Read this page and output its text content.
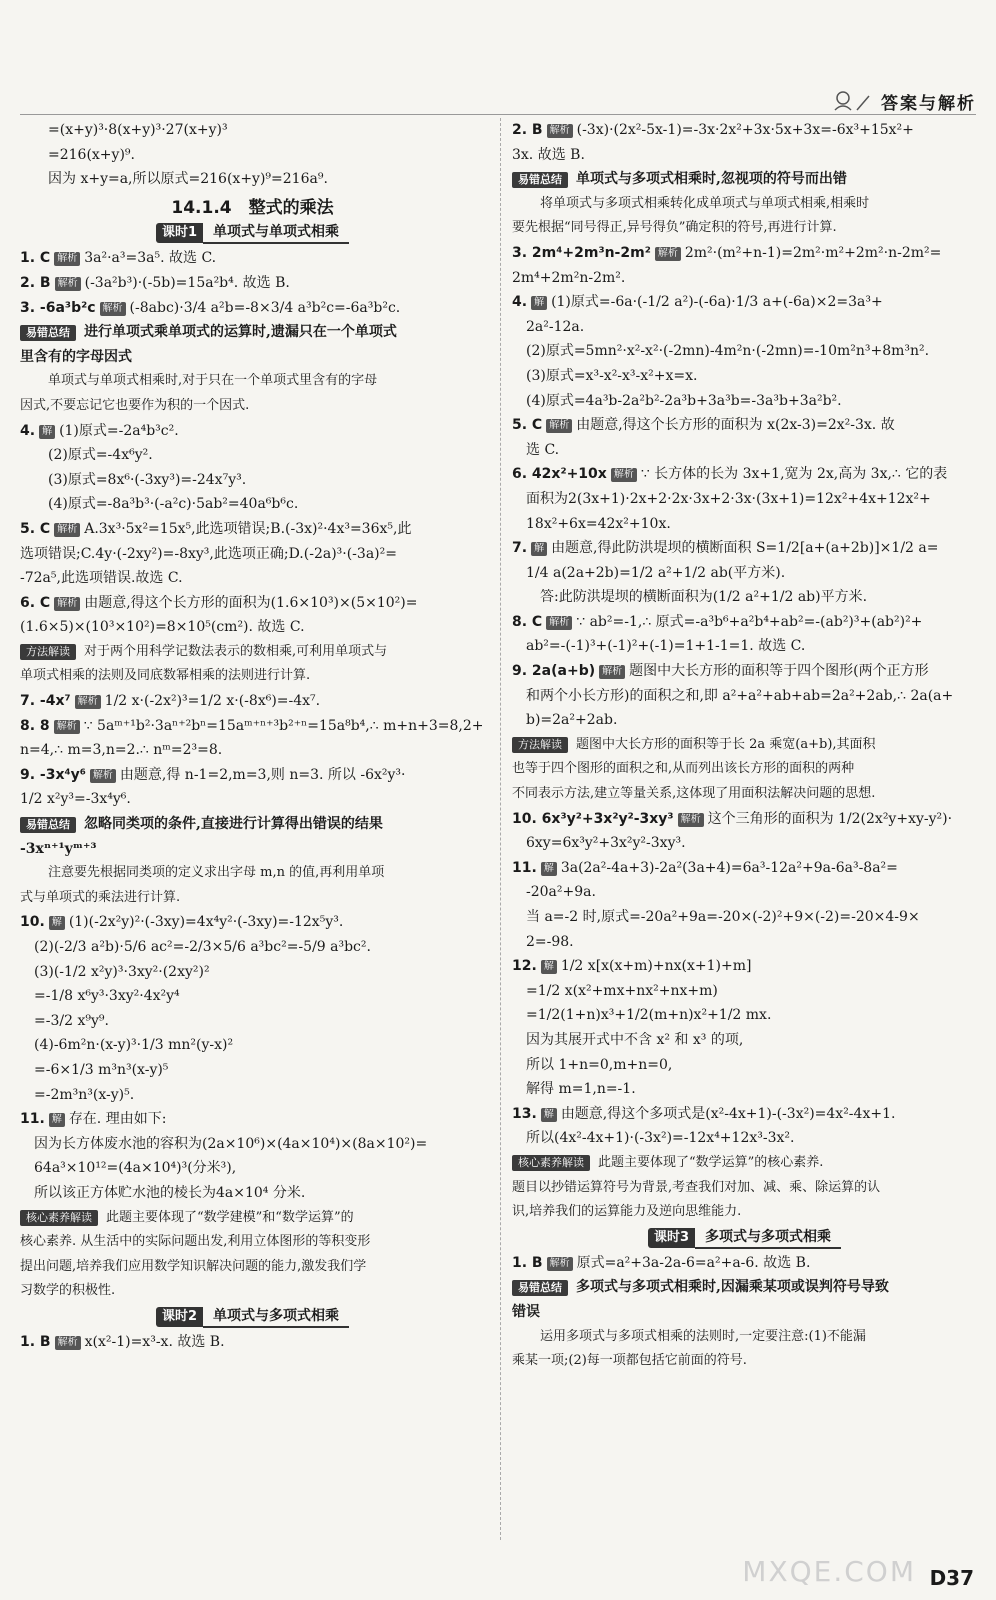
答案与解析
=(x+y)³·8(x+y)³·27(x+y)³
=216(x+y)⁹.
因为 x+y=a,所以原式=216(x+y)⁹=216a⁹.
14.1.4　整式的乘法
课时1	单项式与单项式相乘
1. C 解析 3a²·a³=3a⁵. 故选 C.
2. B 解析 (-3a²b³)·(-5b)=15a²b⁴. 故选 B.
3. -6a³b²c 解析 (-8abc)·3/4 a²b=-8×3/4 a³b²c=-6a³b²c.
易错总结 进行单项式乘单项式的运算时,遗漏只在一个单项式
里含有的字母因式
单项式与单项式相乘时,对于只在一个单项式里含有的字母
因式,不要忘记它也要作为积的一个因式.
4. 解 (1)原式=-2a⁴b³c².
(2)原式=-4x⁶y².
(3)原式=8x⁶·(-3xy³)=-24x⁷y³.
(4)原式=-8a³b³·(-a²c)·5ab²=40a⁶b⁶c.
5. C 解析 A.3x³·5x²=15x⁵,此选项错误;B.(-3x)²·4x³=36x⁵,此
选项错误;C.4y·(-2xy²)=-8xy³,此选项正确;D.(-2a)³·(-3a)²=
-72a⁵,此选项错误.故选 C.
6. C 解析 由题意,得这个长方形的面积为(1.6×10³)×(5×10²)=
(1.6×5)×(10³×10²)=8×10⁵(cm²). 故选 C.
方法解读 对于两个用科学记数法表示的数相乘,可利用单项式与
单项式相乘的法则及同底数幂相乘的法则进行计算.
7. -4x⁷ 解析 1/2 x·(-2x²)³=1/2 x·(-8x⁶)=-4x⁷.
8. 8 解析 ∵ 5aᵐ⁺¹b²·3aⁿ⁺²bⁿ=15aᵐ⁺ⁿ⁺³b²⁺ⁿ=15a⁸b⁴,∴ m+n+3=8,2+
n=4,∴ m=3,n=2.∴ nᵐ=2³=8.
9. -3x⁴y⁶ 解析 由题意,得 n-1=2,m=3,则 n=3. 所以 -6x²y³·
1/2 x²y³=-3x⁴y⁶.
易错总结 忽略同类项的条件,直接进行计算得出错误的结果
-3xⁿ⁺¹yᵐ⁺³
注意要先根据同类项的定义求出字母 m,n 的值,再利用单项
式与单项式的乘法进行计算.
10. 解 (1)(-2x²y)²·(-3xy)=4x⁴y²·(-3xy)=-12x⁵y³.
(2)(-2/3 a²b)·5/6 ac²=-2/3×5/6 a³bc²=-5/9 a³bc².
(3)(-1/2 x²y)³·3xy²·(2xy²)²
=-1/8 x⁶y³·3xy²·4x²y⁴
=-3/2 x⁹y⁹.
(4)-6m²n·(x-y)³·1/3 mn²(y-x)²
=-6×1/3 m³n³(x-y)⁵
=-2m³n³(x-y)⁵.
11. 解 存在. 理由如下:
因为长方体废水池的容积为(2a×10⁶)×(4a×10⁴)×(8a×10²)=
64a³×10¹²=(4a×10⁴)³(分米³),
所以该正方体贮水池的棱长为4a×10⁴ 分米.
核心素养解读 此题主要体现了“数学建模”和“数学运算”的
核心素养. 从生活中的实际问题出发,利用立体图形的等积变形
提出问题,培养我们应用数学知识解决问题的能力,激发我们学
习数学的积极性.
课时2	单项式与多项式相乘
1. B 解析 x(x²-1)=x³-x. 故选 B.
2. B 解析 (-3x)·(2x²-5x-1)=-3x·2x²+3x·5x+3x=-6x³+15x²+
3x. 故选 B.
易错总结 单项式与多项式相乘时,忽视项的符号而出错
将单项式与多项式相乘转化成单项式与单项式相乘,相乘时
要先根据“同号得正,异号得负”确定积的符号,再进行计算.
3. 2m⁴+2m³n-2m² 解析 2m²·(m²+n-1)=2m²·m²+2m²·n-2m²=
2m⁴+2m²n-2m².
4. 解 (1)原式=-6a·(-1/2 a²)-(-6a)·1/3 a+(-6a)×2=3a³+
2a²-12a.
(2)原式=5mn²·x²-x²·(-2mn)-4m²n·(-2mn)=-10m²n³+8m³n².
(3)原式=x³-x²-x³-x²+x=x.
(4)原式=4a³b-2a²b²-2a³b+3a³b=-3a³b+3a²b².
5. C 解析 由题意,得这个长方形的面积为 x(2x-3)=2x²-3x. 故
选 C.
6. 42x²+10x 解析 ∵ 长方体的长为 3x+1,宽为 2x,高为 3x,∴ 它的表
面积为2(3x+1)·2x+2·2x·3x+2·3x·(3x+1)=12x²+4x+12x²+
18x²+6x=42x²+10x.
7. 解 由题意,得此防洪堤坝的横断面积 S=1/2[a+(a+2b)]×1/2 a=
1/4 a(2a+2b)=1/2 a²+1/2 ab(平方米).
答:此防洪堤坝的横断面积为(1/2 a²+1/2 ab)平方米.
8. C 解析 ∵ ab²=-1,∴ 原式=-a³b⁶+a²b⁴+ab²=-(ab²)³+(ab²)²+
ab²=-(-1)³+(-1)²+(-1)=1+1-1=1. 故选 C.
9. 2a(a+b) 解析 题图中大长方形的面积等于四个图形(两个正方形
和两个小长方形)的面积之和,即 a²+a²+ab+ab=2a²+2ab,∴ 2a(a+
b)=2a²+2ab.
方法解读 题图中大长方形的面积等于长 2a 乘宽(a+b),其面积
也等于四个图形的面积之和,从而列出该长方形的面积的两种
不同表示方法,建立等量关系,这体现了用面积法解决问题的思想.
10. 6x³y²+3x²y²-3xy³ 解析 这个三角形的面积为 1/2(2x²y+xy-y²)·
6xy=6x³y²+3x²y²-3xy³.
11. 解 3a(2a²-4a+3)-2a²(3a+4)=6a³-12a²+9a-6a³-8a²=
-20a²+9a.
当 a=-2 时,原式=-20a²+9a=-20×(-2)²+9×(-2)=-20×4-9×
2=-98.
12. 解 1/2 x[x(x+m)+nx(x+1)+m]
=1/2 x(x²+mx+nx²+nx+m)
=1/2(1+n)x³+1/2(m+n)x²+1/2 mx.
因为其展开式中不含 x² 和 x³ 的项,
所以 1+n=0,m+n=0,
解得 m=1,n=-1.
13. 解 由题意,得这个多项式是(x²-4x+1)-(-3x²)=4x²-4x+1.
所以(4x²-4x+1)·(-3x²)=-12x⁴+12x³-3x².
核心素养解读 此题主要体现了“数学运算”的核心素养.
题目以抄错运算符号为背景,考查我们对加、减、乘、除运算的认
识,培养我们的运算能力及逆向思维能力.
课时3	多项式与多项式相乘
1. B 解析 原式=a²+3a-2a-6=a²+a-6. 故选 B.
易错总结 多项式与多项式相乘时,因漏乘某项或误判符号导致
错误
运用多项式与多项式相乘的法则时,一定要注意:(1)不能漏
乘某一项;(2)每一项都包括它前面的符号.
MXQE.COM D37
